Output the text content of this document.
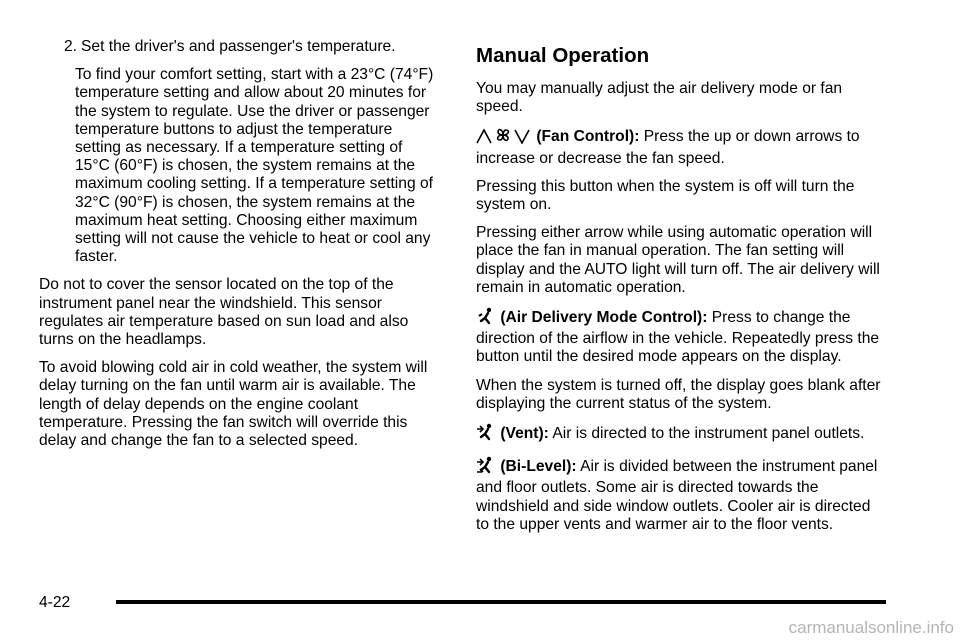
2. Set the driver's and passenger's temperature.

To find your comfort setting, start with a 23°C (74°F) temperature setting and allow about 20 minutes for the system to regulate. Use the driver or passenger temperature buttons to adjust the temperature setting as necessary. If a temperature setting of 15°C (60°F) is chosen, the system remains at the maximum cooling setting. If a temperature setting of 32°C (90°F) is chosen, the system remains at the maximum heat setting. Choosing either maximum setting will not cause the vehicle to heat or cool any faster.

Do not to cover the sensor located on the top of the instrument panel near the windshield. This sensor regulates air temperature based on sun load and also turns on the headlamps.

To avoid blowing cold air in cold weather, the system will delay turning on the fan until warm air is available. The length of delay depends on the engine coolant temperature. Pressing the fan switch will override this delay and change the fan to a selected speed.

Manual Operation

You may manually adjust the air delivery mode or fan speed.

(Fan Control): Press the up or down arrows to increase or decrease the fan speed.

Pressing this button when the system is off will turn the system on.

Pressing either arrow while using automatic operation will place the fan in manual operation. The fan setting will display and the AUTO light will turn off. The air delivery will remain in automatic operation.

(Air Delivery Mode Control): Press to change the direction of the airflow in the vehicle. Repeatedly press the button until the desired mode appears on the display.

When the system is turned off, the display goes blank after displaying the current status of the system.

(Vent): Air is directed to the instrument panel outlets.

(Bi-Level): Air is divided between the instrument panel and floor outlets. Some air is directed towards the windshield and side window outlets. Cooler air is directed to the upper vents and warmer air to the floor vents.

4-22
carmanualsonline.info
